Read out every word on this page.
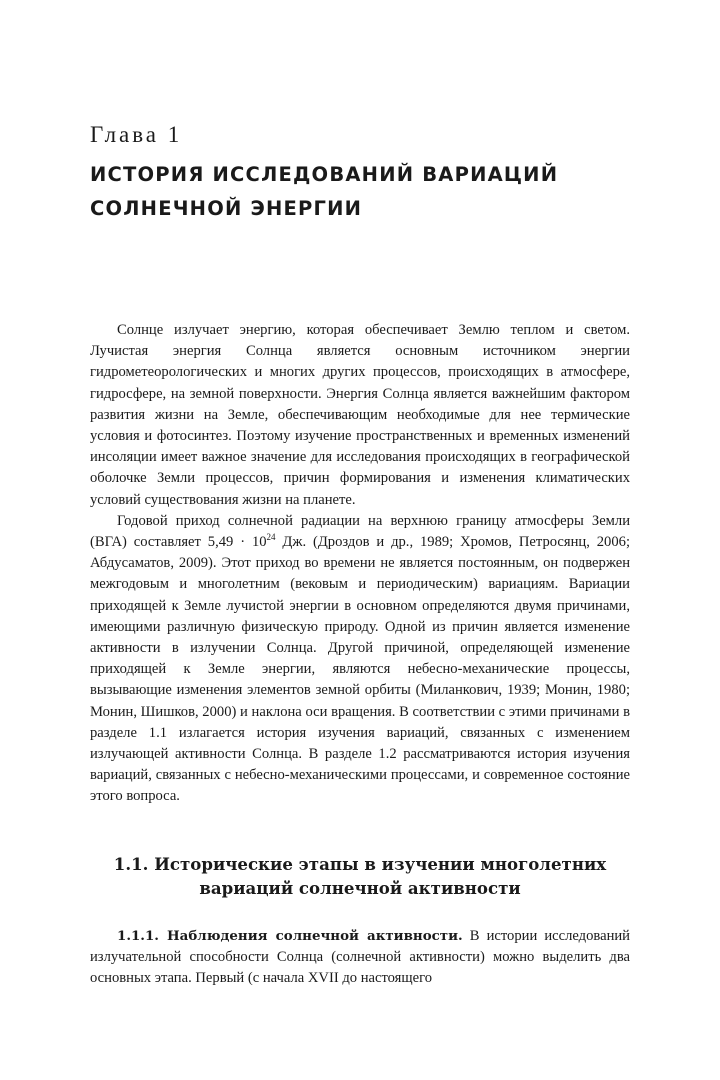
Глава 1
ИСТОРИЯ ИССЛЕДОВАНИЙ ВАРИАЦИЙ
СОЛНЕЧНОЙ ЭНЕРГИИ

Солнце излучает энергию, которая обеспечивает Землю теплом и светом. Лучистая энергия Солнца является основным источником энергии гидрометеорологических и многих других процессов, происходящих в атмосфере, гидросфере, на земной поверхности. Энергия Солнца является важнейшим фактором развития жизни на Земле, обеспечивающим необходимые для нее термические условия и фотосинтез. Поэтому изучение пространственных и временных изменений инсоляции имеет важное значение для исследования происходящих в географической оболочке Земли процессов, причин формирования и изменения климатических условий существования жизни на планете.

Годовой приход солнечной радиации на верхнюю границу атмосферы Земли (ВГА) составляет $5,49 \cdot 10^{24}$ Дж. (Дроздов и др., 1989; Хромов, Петросянц, 2006; Абдусаматов, 2009). Этот приход во времени не является постоянным, он подвержен межгодовым и многолетним (вековым и периодическим) вариациям. Вариации приходящей к Земле лучистой энергии в основном определяются двумя причинами, имеющими различную физическую природу. Одной из причин является изменение активности в излучении Солнца. Другой причиной, определяющей изменение приходящей к Земле энергии, являются небесно-механические процессы, вызывающие изменения элементов земной орбиты (Миланкович, 1939; Монин, 1980; Монин, Шишков, 2000) и наклона оси вращения. В соответствии с этими причинами в разделе 1.1 излагается история изучения вариаций, связанных с изменением излучающей активности Солнца. В разделе 1.2 рассматриваются история изучения вариаций, связанных с небесно-механическими процессами, и современное состояние этого вопроса.

1.1. Исторические этапы в изучении многолетних
вариаций солнечной активности

1.1.1. Наблюдения солнечной активности. В истории исследований излучательной способности Солнца (солнечной активности) можно выделить два основных этапа. Первый (с начала XVII до настоящего
